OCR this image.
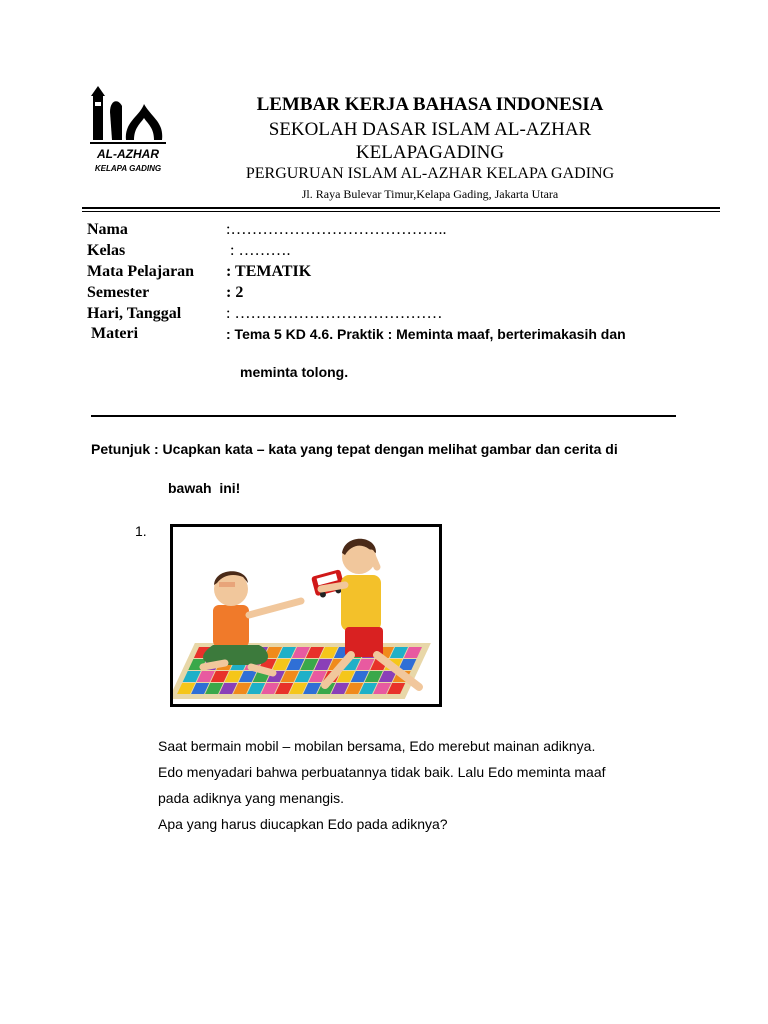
AL-AZHAR
KELAPA GADING
LEMBAR KERJA BAHASA INDONESIA
SEKOLAH DASAR ISLAM AL-AZHAR
KELAPAGADING
PERGURUAN ISLAM AL-AZHAR KELAPA GADING
Jl. Raya Bulevar Timur,Kelapa Gading, Jakarta Utara
Nama	:…………………………………..
Kelas	: ……….
Mata Pelajaran : TEMATIK
Semester	: 2
Hari, Tanggal	: …………………………………
Materi	: Tema 5 KD 4.6. Praktik : Meminta maaf, berterimakasih dan
meminta tolong.
Petunjuk : Ucapkan kata – kata yang tepat dengan melihat gambar dan cerita di
bawah  ini!
1.
Saat bermain mobil – mobilan bersama, Edo merebut mainan adiknya.
Edo menyadari bahwa perbuatannya tidak baik. Lalu Edo meminta maaf
pada adiknya yang menangis.
Apa yang harus diucapkan Edo pada adiknya?
